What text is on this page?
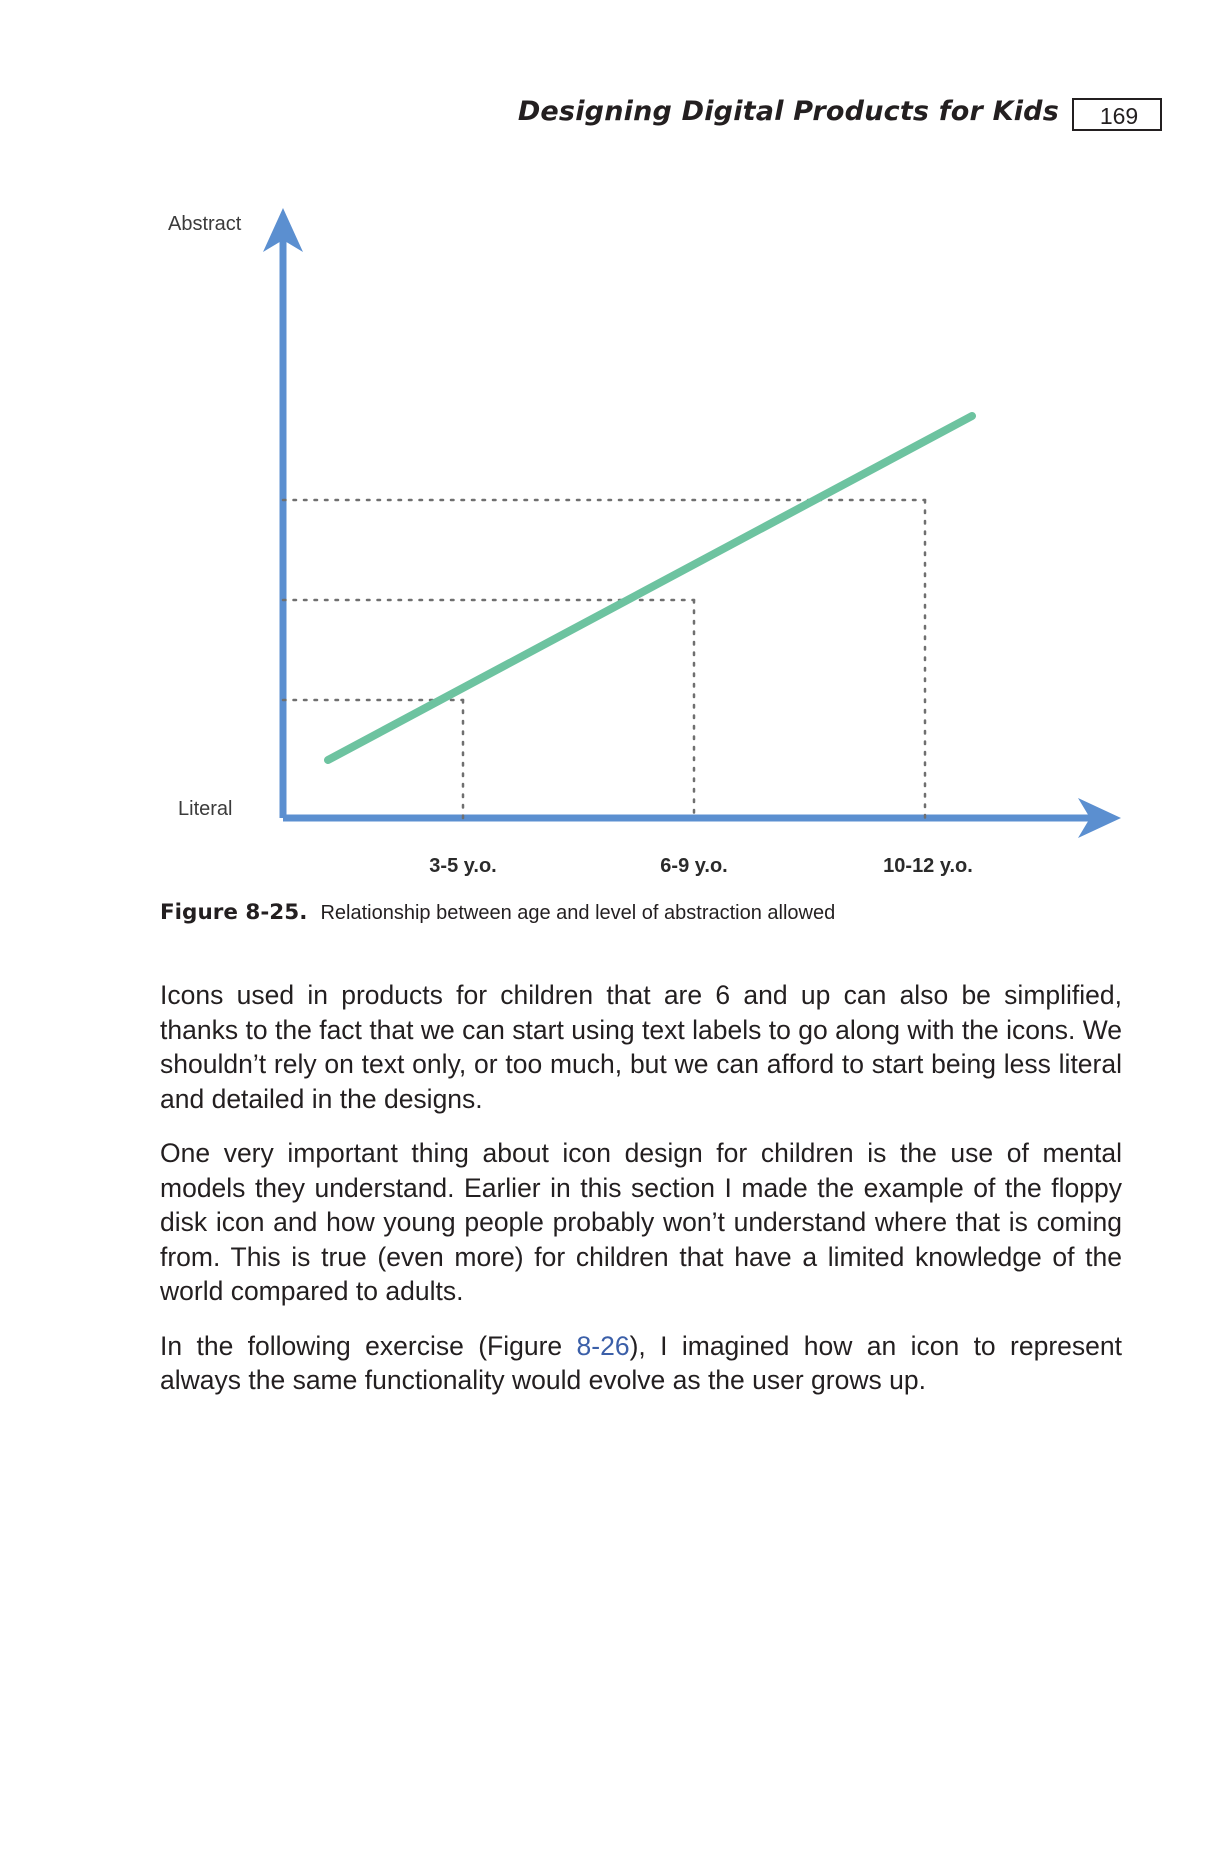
Designing Digital Products for Kids	169
Abstract
Literal
3-5 y.o.	6-9 y.o.	10-12 y.o.
Figure 8-25. Relationship between age and level of abstraction allowed

Icons used in products for children that are 6 and up can also be simplified, thanks to the fact that we can start using text labels to go along with the icons. We shouldn’t rely on text only, or too much, but we can afford to start being less literal and detailed in the designs.

One very important thing about icon design for children is the use of mental models they understand. Earlier in this section I made the example of the floppy disk icon and how young people probably won’t understand where that is coming from. This is true (even more) for children that have a limited knowledge of the world compared to adults.

In the following exercise (Figure 8-26), I imagined how an icon to represent always the same functionality would evolve as the user grows up.
